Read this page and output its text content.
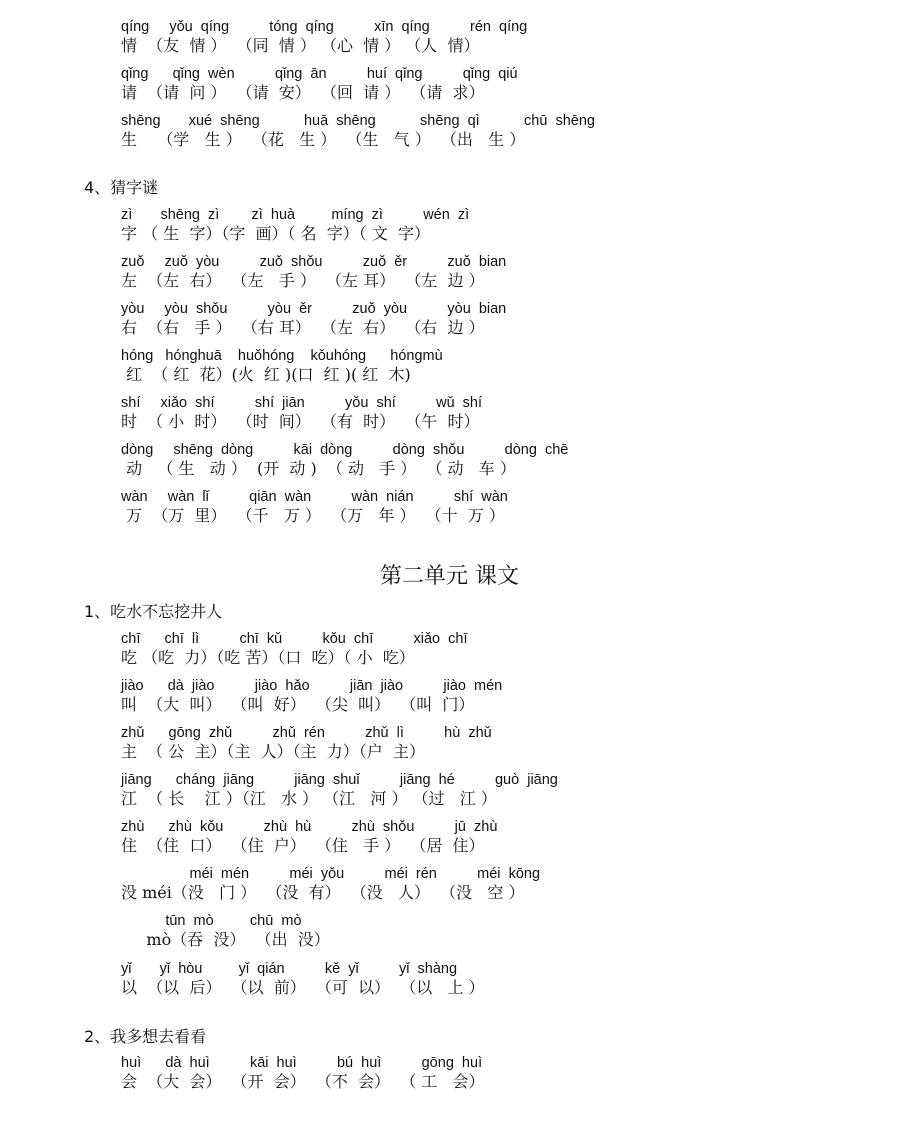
qíng     yǒu  qíng          tóng  qíng          xīn  qíng          rén  qíng

情  （友  情 ）  （同  情 ） （心  情 ） （人  情）

qǐng      qǐng  wèn          qǐng  ān          huí  qǐng          qǐng  qiú

请  （请  问 ）  （请  安）  （回  请 ）  （请  求）

shēng       xué  shēng           huā  shēng           shēng  qì           chū  shēng

生    （学   生 ）  （花   生 ）  （生   气 ）  （出   生 ）

4、猜字谜

zì       shēng  zì        zì  huà         míng  zì          wén  zì

字 （ 生  字）（字  画）（ 名  字）（ 文  字）

zuǒ     zuǒ  yòu          zuǒ  shǒu          zuǒ  ěr          zuǒ  bian

左  （左  右）  （左   手 ）  （左 耳）  （左  边 ）

yòu     yòu  shǒu          yòu  ěr          zuǒ  yòu          yòu  bian

右  （右   手 ）  （右 耳）  （左  右）  （右  边 ）

hóng   hónghuā    huǒhóng    kǒuhóng      hóngmù

红  （ 红  花）(火  红 )(口  红 )( 红  木)

shí     xiǎo  shí          shí  jiān          yǒu  shí          wǔ  shí

时  （ 小  时）  （时  间）  （有  时）  （午  时）

dòng     shēng  dòng          kāi  dòng          dòng  shǒu          dòng  chē

动   （ 生   动 ）  (开  动 )  （ 动   手 ）  （ 动   车 ）

wàn     wàn  lǐ          qiān  wàn          wàn  nián          shí  wàn

万  （万  里）  （千   万 ）  （万   年 ）  （十  万 ）

第二单元 课文
1、吃水不忘挖井人

chī      chī  lì          chī  kǔ          kǒu  chī          xiǎo  chī

吃 （吃  力）（吃 苦）（口  吃）（ 小  吃）

jiào      dà  jiào          jiào  hǎo          jiān  jiào          jiào  mén

叫  （大  叫）  （叫  好）  （尖  叫）  （叫  门）

zhǔ      gōng  zhǔ          zhǔ  rén          zhǔ  lì          hù  zhǔ

主  （ 公  主）（主  人）（主  力）（户  主）

jiāng      cháng  jiāng          jiāng  shuǐ          jiāng  hé          guò  jiāng

江  （ 长    江 ）（江   水 ） （江   河 ） （过   江 ）

zhù      zhù  kǒu          zhù  hù          zhù  shǒu          jū  zhù

住  （住  口）  （住  户）  （住   手 ）  （居  住）

méi  mén          méi  yǒu          méi  rén          méi  kōng

没 méi（没   门 ）  （没  有）  （没   人）  （没   空 ）

tūn  mò         chū  mò

mò（吞  没）  （出  没）

yǐ       yǐ  hòu         yǐ  qián          kě  yǐ          yǐ  shàng

以  （以  后）  （以  前）  （可  以）  （以   上 ）

2、我多想去看看

huì      dà  huì          kāi  huì          bú  huì          gōng  huì

会  （大  会）  （开  会）  （不  会）  （ 工   会）
